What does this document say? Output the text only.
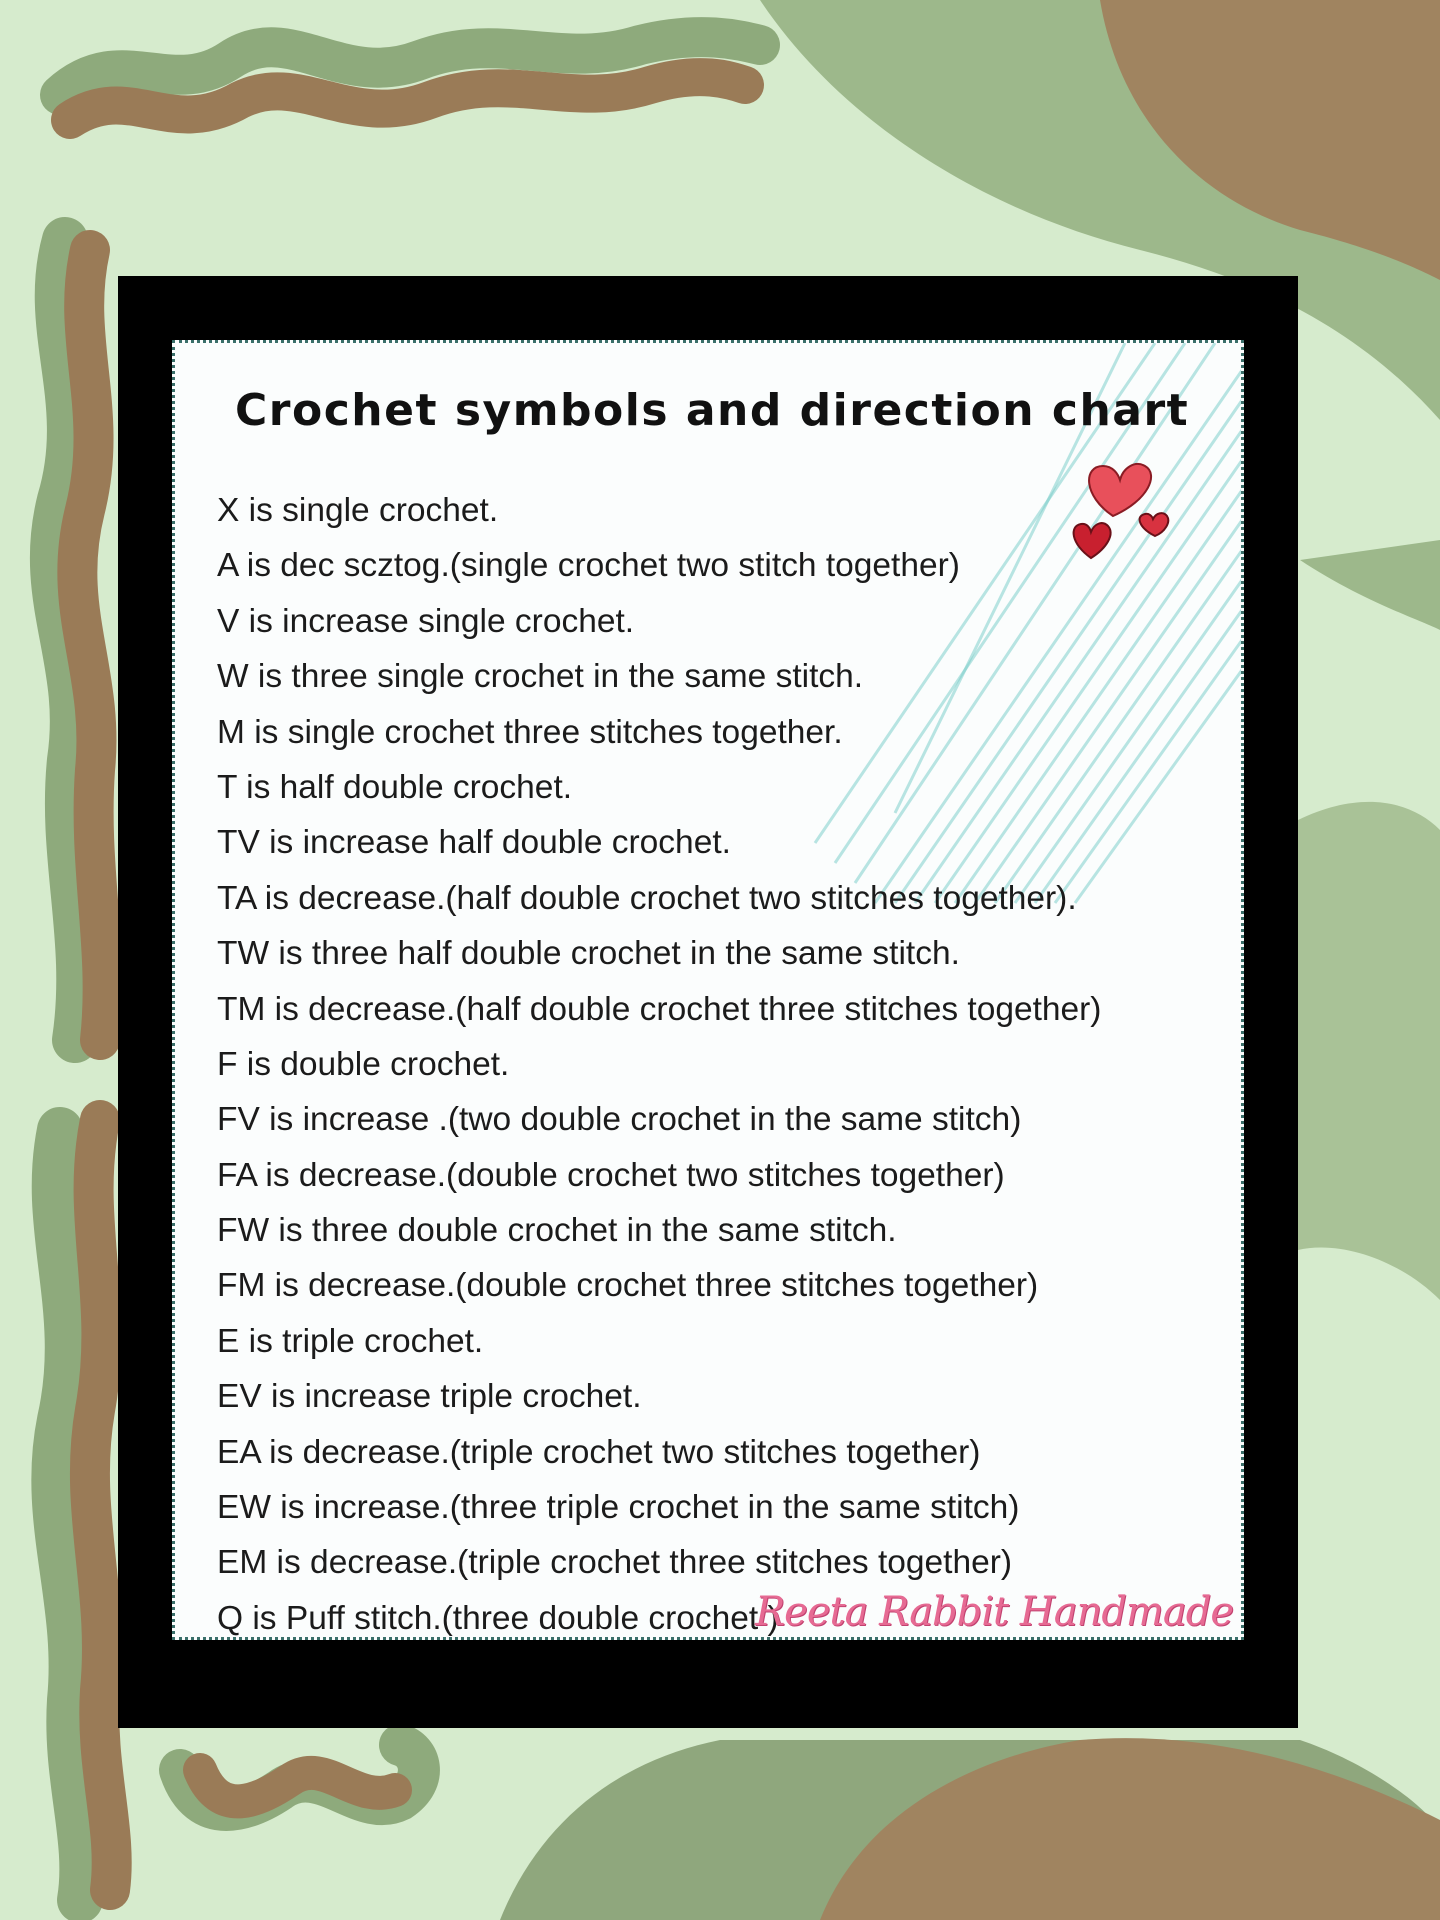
Crochet symbols and direction chart
X is single crochet.
A is dec scztog.(single crochet two stitch together)
V is increase single crochet.
W is three single crochet in the same stitch.
M is single crochet three stitches together.
T is half double crochet.
TV is increase half double crochet.
TA is decrease.(half double crochet two stitches together).
TW is three half double crochet in the same stitch.
TM is decrease.(half double crochet three stitches together)
F is double crochet.
FV is increase .(two double crochet in the same stitch)
FA is decrease.(double crochet two stitches together)
FW is three double crochet in the same stitch.
FM is decrease.(double crochet three stitches together)
E is triple crochet.
EV is increase triple crochet.
EA is decrease.(triple crochet two stitches together)
EW is increase.(three triple crochet in the same stitch)
EM is decrease.(triple crochet three stitches together)
Q is Puff stitch.(three double crochet )
Reeta Rabbit Handmade
